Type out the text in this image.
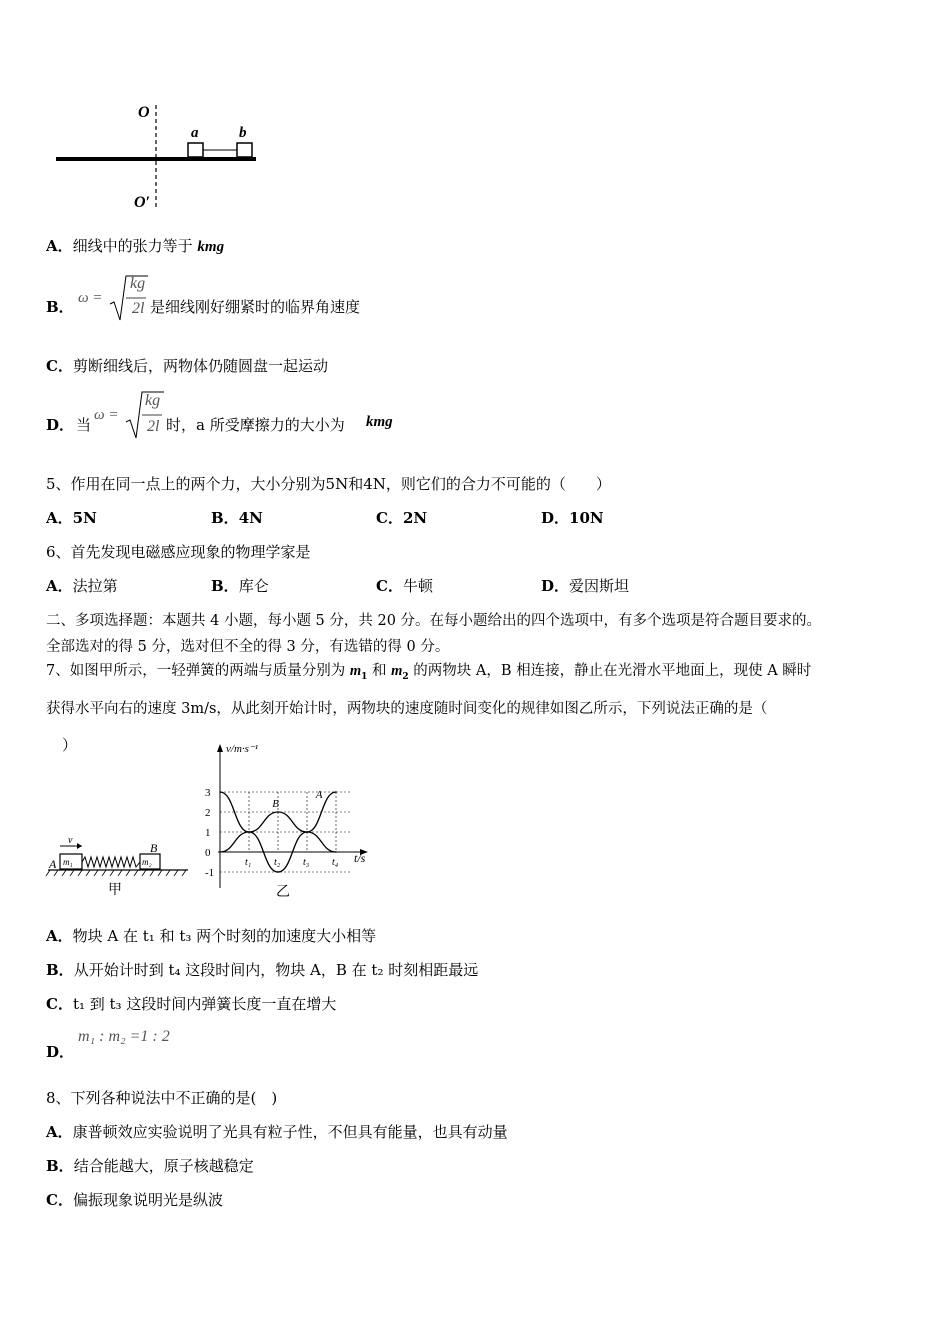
O
O′
a	b
A．细线中的张力等于 kmg
B． ω =
kg
2l 是细线刚好绷紧时的临界角速度
C．剪断细线后，两物体仍随圆盘一起运动
D． 当
ω =
kg
2l 时，a 所受摩擦力的大小为 kmg
5、作用在同一点上的两个力，大小分别为5N和4N，则它们的合力不可能的（　　）
A．5N	B．4N	C．2N	D．10N
6、首先发现电磁感应现象的物理学家是
A．法拉第	B．库仑	C．牛顿	D．爱因斯坦
二、多项选择题：本题共 4 小题，每小题 5 分，共 20 分。在每小题给出的四个选项中，有多个选项是符合题目要求的。
全部选对的得 5 分，选对但不全的得 3 分，有选错的得 0 分。
7、如图甲所示，一轻弹簧的两端与质量分别为 $m_1$ 和 $m_2$ 的两物块 A，B 相连接，静止在光滑水平地面上，现使 A 瞬时
获得水平向右的速度 3m/s，从此刻开始计时，两物块的速度随时间变化的规律如图乙所示，下列说法正确的是（
）
v
A
B
m₁	m₂
甲
3
2
1
0
-1
t₁ t₂ t₃ t₄
v/m·s⁻¹
t/s
乙
A
B
A．物块 A 在 t₁ 和 t₃ 两个时刻的加速度大小相等
B．从开始计时到 t₄ 这段时间内，物块 A，B 在 t₂ 时刻相距最远
C．t₁ 到 t₃ 这段时间内弹簧长度一直在增大
D．
m₁ : m₂ =1 : 2
8、下列各种说法中不正确的是(　)
A．康普顿效应实验说明了光具有粒子性，不但具有能量，也具有动量
B．结合能越大，原子核越稳定
C．偏振现象说明光是纵波
